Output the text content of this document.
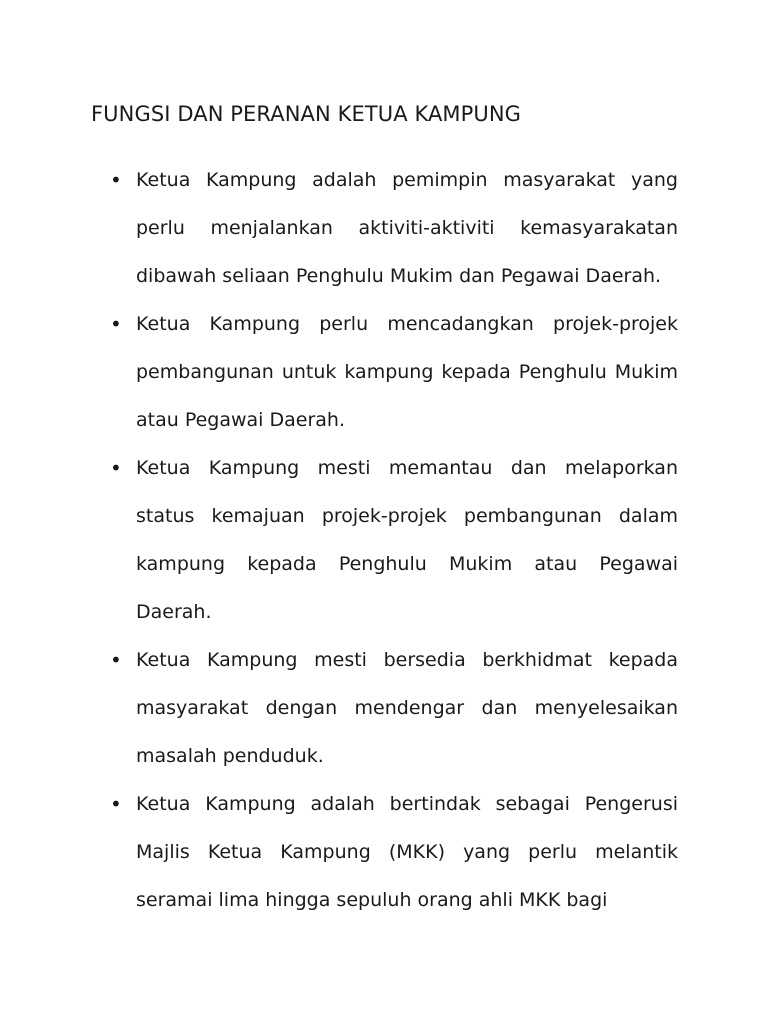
FUNGSI DAN PERANAN KETUA KAMPUNG
• Ketua Kampung adalah pemimpin masyarakat yang perlu menjalankan aktiviti-aktiviti kemasyarakatan dibawah seliaan Penghulu Mukim dan Pegawai Daerah.
• Ketua Kampung perlu mencadangkan projek-projek pembangunan untuk kampung kepada Penghulu Mukim atau Pegawai Daerah.
• Ketua Kampung mesti memantau dan melaporkan status kemajuan projek-projek pembangunan dalam kampung kepada Penghulu Mukim atau Pegawai Daerah.
• Ketua Kampung mesti bersedia berkhidmat kepada masyarakat dengan mendengar dan menyelesaikan masalah penduduk.
• Ketua Kampung adalah bertindak sebagai Pengerusi Majlis Ketua Kampung (MKK) yang perlu melantik seramai lima hingga sepuluh orang ahli MKK bagi
